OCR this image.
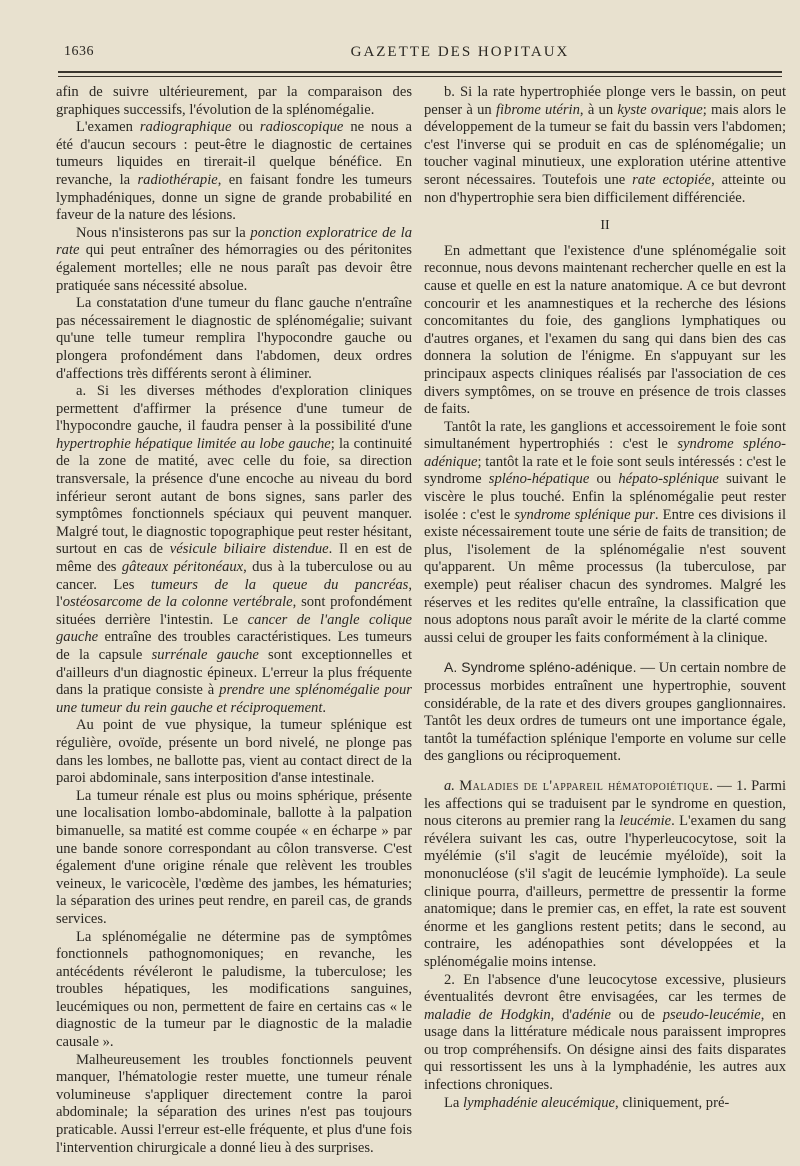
1636	GAZETTE DES HOPITAUX

afin de suivre ultérieurement, par la comparaison des graphiques successifs, l'évolution de la splénomégalie.

L'examen radiographique ou radioscopique ne nous a été d'aucun secours : peut-être le diagnostic de certaines tumeurs liquides en tirerait-il quelque bénéfice. En revanche, la radiothérapie, en faisant fondre les tumeurs lymphadéniques, donne un signe de grande probabilité en faveur de la nature des lésions.

Nous n'insisterons pas sur la ponction exploratrice de la rate qui peut entraîner des hémorragies ou des péritonites également mortelles; elle ne nous paraît pas devoir être pratiquée sans nécessité absolue.

La constatation d'une tumeur du flanc gauche n'entraîne pas nécessairement le diagnostic de splénomégalie; suivant qu'une telle tumeur remplira l'hypocondre gauche ou plongera profondément dans l'abdomen, deux ordres d'affections très différents seront à éliminer.

a. Si les diverses méthodes d'exploration cliniques permettent d'affirmer la présence d'une tumeur de l'hypocondre gauche, il faudra penser à la possibilité d'une hypertrophie hépatique limitée au lobe gauche; la continuité de la zone de matité, avec celle du foie, sa direction transversale, la présence d'une encoche au niveau du bord inférieur seront autant de bons signes, sans parler des symptômes fonctionnels spéciaux qui peuvent manquer. Malgré tout, le diagnostic topographique peut rester hésitant, surtout en cas de vésicule biliaire distendue. Il en est de même des gâteaux péritonéaux, dus à la tuberculose ou au cancer. Les tumeurs de la queue du pancréas, l'ostéosarcome de la colonne vertébrale, sont profondément situées derrière l'intestin. Le cancer de l'angle colique gauche entraîne des troubles caractéristiques. Les tumeurs de la capsule surrénale gauche sont exceptionnelles et d'ailleurs d'un diagnostic épineux. L'erreur la plus fréquente dans la pratique consiste à prendre une splénomégalie pour une tumeur du rein gauche et réciproquement.

Au point de vue physique, la tumeur splénique est régulière, ovoïde, présente un bord nivelé, ne plonge pas dans les lombes, ne ballotte pas, vient au contact direct de la paroi abdominale, sans interposition d'anse intestinale.

La tumeur rénale est plus ou moins sphérique, présente une localisation lombo-abdominale, ballotte à la palpation bimanuelle, sa matité est comme coupée « en écharpe » par une bande sonore correspondant au côlon transverse. C'est également d'une origine rénale que relèvent les troubles veineux, le varicocèle, l'œdème des jambes, les hématuries; la séparation des urines peut rendre, en pareil cas, de grands services.

La splénomégalie ne détermine pas de symptômes fonctionnels pathognomoniques; en revanche, les antécédents révéleront le paludisme, la tuberculose; les troubles hépatiques, les modifications sanguines, leucémiques ou non, permettent de faire en certains cas « le diagnostic de la tumeur par le diagnostic de la maladie causale ».

Malheureusement les troubles fonctionnels peuvent manquer, l'hématologie rester muette, une tumeur rénale volumineuse s'appliquer directement contre la paroi abdominale; la séparation des urines n'est pas toujours praticable. Aussi l'erreur est-elle fréquente, et plus d'une fois l'intervention chirurgicale a donné lieu à des surprises.

b. Si la rate hypertrophiée plonge vers le bassin, on peut penser à un fibrome utérin, à un kyste ovarique; mais alors le développement de la tumeur se fait du bassin vers l'abdomen; c'est l'inverse qui se produit en cas de splénomégalie; un toucher vaginal minutieux, une exploration utérine attentive seront nécessaires. Toutefois une rate ectopiée, atteinte ou non d'hypertrophie sera bien difficilement différenciée.

II

En admettant que l'existence d'une splénomégalie soit reconnue, nous devons maintenant rechercher quelle en est la cause et quelle en est la nature anatomique. A ce but devront concourir et les anamnestiques et la recherche des lésions concomitantes du foie, des ganglions lymphatiques ou d'autres organes, et l'examen du sang qui dans bien des cas donnera la solution de l'énigme. En s'appuyant sur les principaux aspects cliniques réalisés par l'association de ces divers symptômes, on se trouve en présence de trois classes de faits.

Tantôt la rate, les ganglions et accessoirement le foie sont simultanément hypertrophiés : c'est le syndrome spléno-adénique; tantôt la rate et le foie sont seuls intéressés : c'est le syndrome spléno-hépatique ou hépato-splénique suivant le viscère le plus touché. Enfin la splénomégalie peut rester isolée : c'est le syndrome splénique pur. Entre ces divisions il existe nécessairement toute une série de faits de transition; de plus, l'isolement de la splénomégalie n'est souvent qu'apparent. Un même processus (la tuberculose, par exemple) peut réaliser chacun des syndromes. Malgré les réserves et les redites qu'elle entraîne, la classification que nous adoptons nous paraît avoir le mérite de la clarté comme aussi celui de grouper les faits conformément à la clinique.

A. Syndrome spléno-adénique. — Un certain nombre de processus morbides entraînent une hypertrophie, souvent considérable, de la rate et des divers groupes ganglionnaires. Tantôt les deux ordres de tumeurs ont une importance égale, tantôt la tuméfaction splénique l'emporte en volume sur celle des ganglions ou réciproquement.

a. Maladies de l'appareil hématopoiétique. — 1. Parmi les affections qui se traduisent par le syndrome en question, nous citerons au premier rang la leucémie. L'examen du sang révélera suivant les cas, outre l'hyperleucocytose, soit la myélémie (s'il s'agit de leucémie myéloïde), soit la mononucléose (s'il s'agit de leucémie lymphoïde). La seule clinique pourra, d'ailleurs, permettre de pressentir la forme anatomique; dans le premier cas, en effet, la rate est souvent énorme et les ganglions restent petits; dans le second, au contraire, les adénopathies sont développées et la splénomégalie moins intense.

2. En l'absence d'une leucocytose excessive, plusieurs éventualités devront être envisagées, car les termes de maladie de Hodgkin, d'adénie ou de pseudo-leucémie, en usage dans la littérature médicale nous paraissent impropres ou trop compréhensifs. On désigne ainsi des faits disparates qui ressortissent les uns à la lymphadénie, les autres aux infections chroniques.

La lymphadénie aleucémique, cliniquement, pré-
